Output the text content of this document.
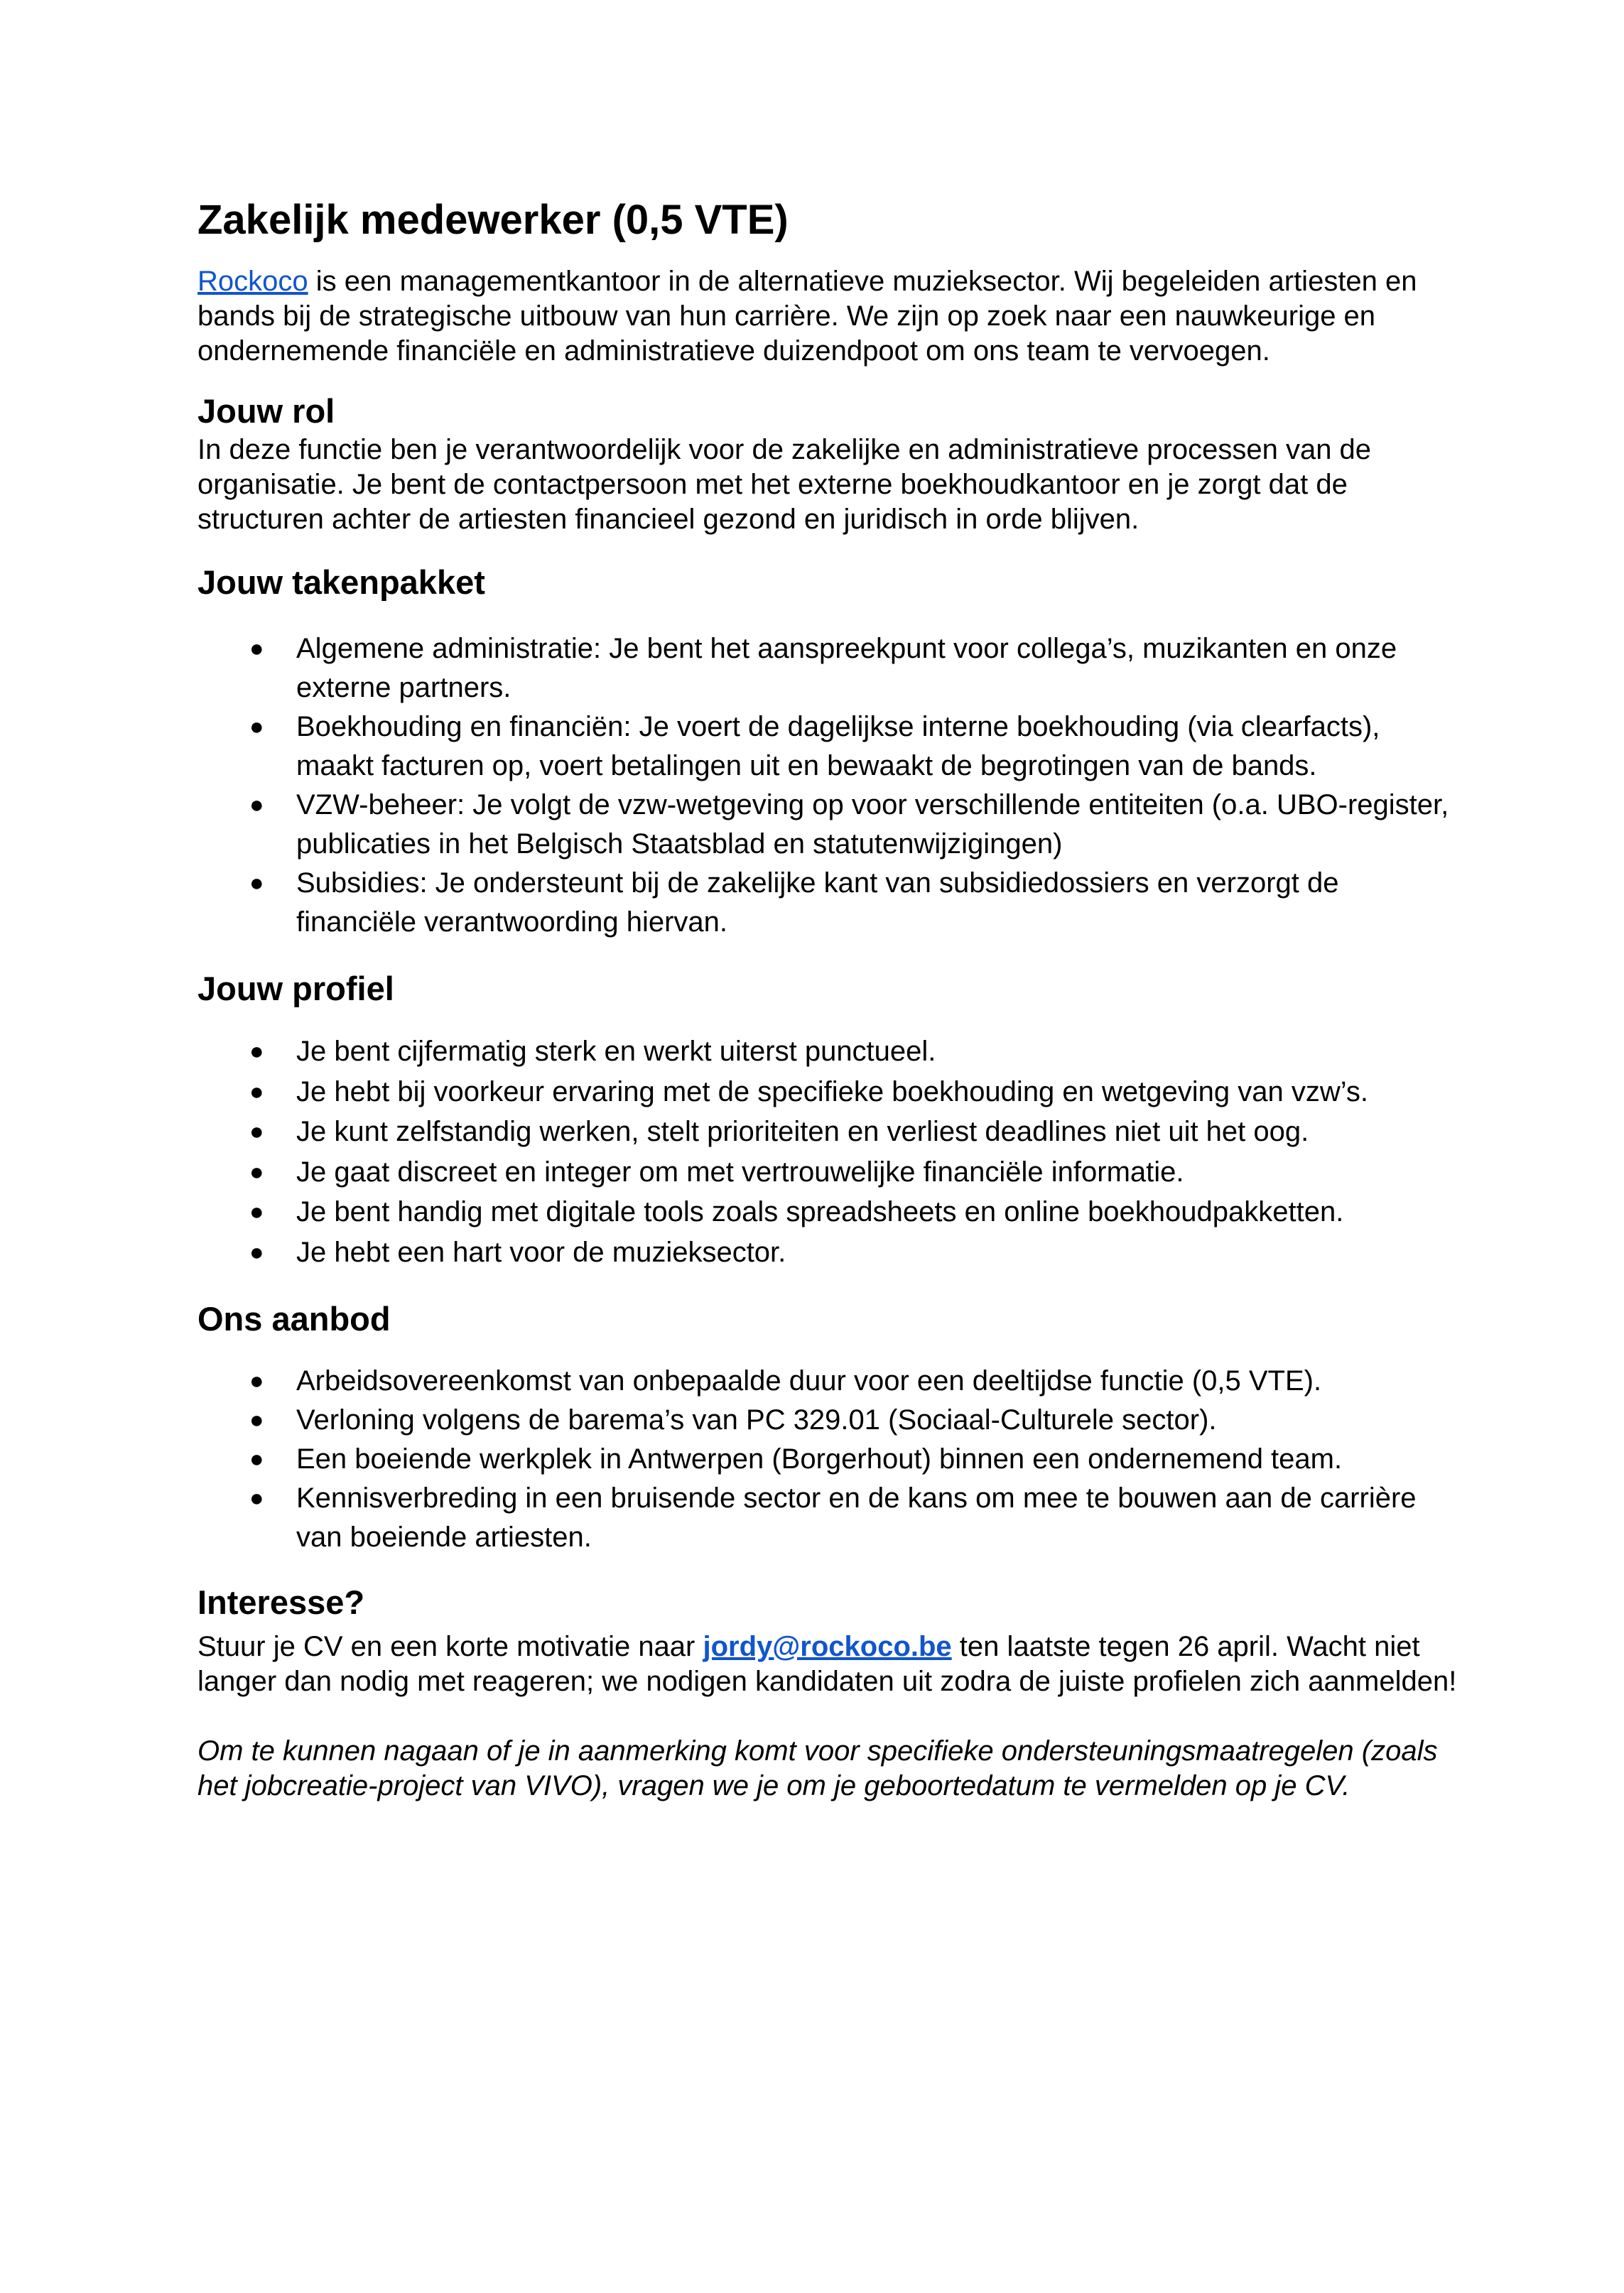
Zakelijk medewerker (0,5 VTE)

Rockoco is een managementkantoor in de alternatieve muzieksector. Wij begeleiden artiesten en bands bij de strategische uitbouw van hun carrière. We zijn op zoek naar een nauwkeurige en ondernemende financiële en administratieve duizendpoot om ons team te vervoegen.

Jouw rol

In deze functie ben je verantwoordelijk voor de zakelijke en administratieve processen van de organisatie. Je bent de contactpersoon met het externe boekhoudkantoor en je zorgt dat de structuren achter de artiesten financieel gezond en juridisch in orde blijven.

Jouw takenpakket
● Algemene administratie: Je bent het aanspreekpunt voor collega’s, muzikanten en onze externe partners.
● Boekhouding en financiën: Je voert de dagelijkse interne boekhouding (via clearfacts), maakt facturen op, voert betalingen uit en bewaakt de begrotingen van de bands.
● VZW-beheer: Je volgt de vzw-wetgeving op voor verschillende entiteiten (o.a. UBO-register, publicaties in het Belgisch Staatsblad en statutenwijzigingen)
● Subsidies: Je ondersteunt bij de zakelijke kant van subsidiedossiers en verzorgt de financiële verantwoording hiervan.
Jouw profiel
● Je bent cijfermatig sterk en werkt uiterst punctueel.
● Je hebt bij voorkeur ervaring met de specifieke boekhouding en wetgeving van vzw’s.
● Je kunt zelfstandig werken, stelt prioriteiten en verliest deadlines niet uit het oog.
● Je gaat discreet en integer om met vertrouwelijke financiële informatie.
● Je bent handig met digitale tools zoals spreadsheets en online boekhoudpakketten.
● Je hebt een hart voor de muzieksector.
Ons aanbod
● Arbeidsovereenkomst van onbepaalde duur voor een deeltijdse functie (0,5 VTE).
● Verloning volgens de barema’s van PC 329.01 (Sociaal-Culturele sector).
● Een boeiende werkplek in Antwerpen (Borgerhout) binnen een ondernemend team.
● Kennisverbreding in een bruisende sector en de kans om mee te bouwen aan de carrière van boeiende artiesten.
Interesse?

Stuur je CV en een korte motivatie naar jordy@rockoco.be ten laatste tegen 26 april. Wacht niet langer dan nodig met reageren; we nodigen kandidaten uit zodra de juiste profielen zich aanmelden!

Om te kunnen nagaan of je in aanmerking komt voor specifieke ondersteuningsmaatregelen (zoals het jobcreatie-project van VIVO), vragen we je om je geboortedatum te vermelden op je CV.
